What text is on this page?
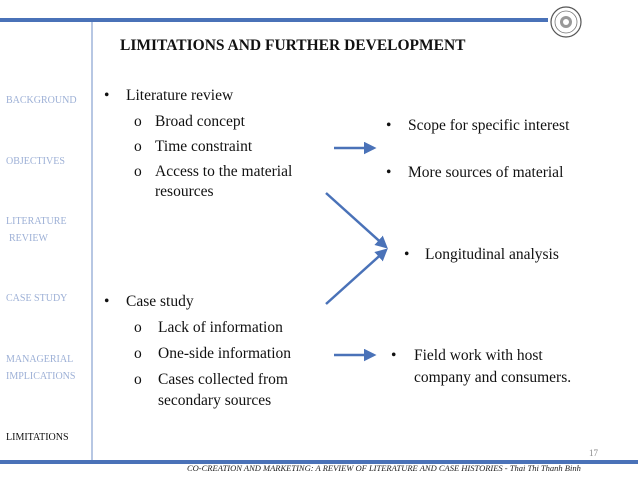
LIMITATIONS AND FURTHER DEVELOPMENT
BACKGROUND
OBJECTIVES
LITERATURE
REVIEW
CASE STUDY
MANAGERIAL
IMPLICATIONS
LIMITATIONS
• Literature review
o Broad concept
o Time constraint
o Access to the material
resources
• Case study
o Lack of information
o One-side information
o Cases collected from
secondary sources
• Scope for specific interest
• More sources of material
• Longitudinal analysis
• Field work with host
company and consumers.
17
CO-CREATION AND MARKETING: A REVIEW OF LITERATURE AND CASE HISTORIES - Thai Thi Thanh Binh
